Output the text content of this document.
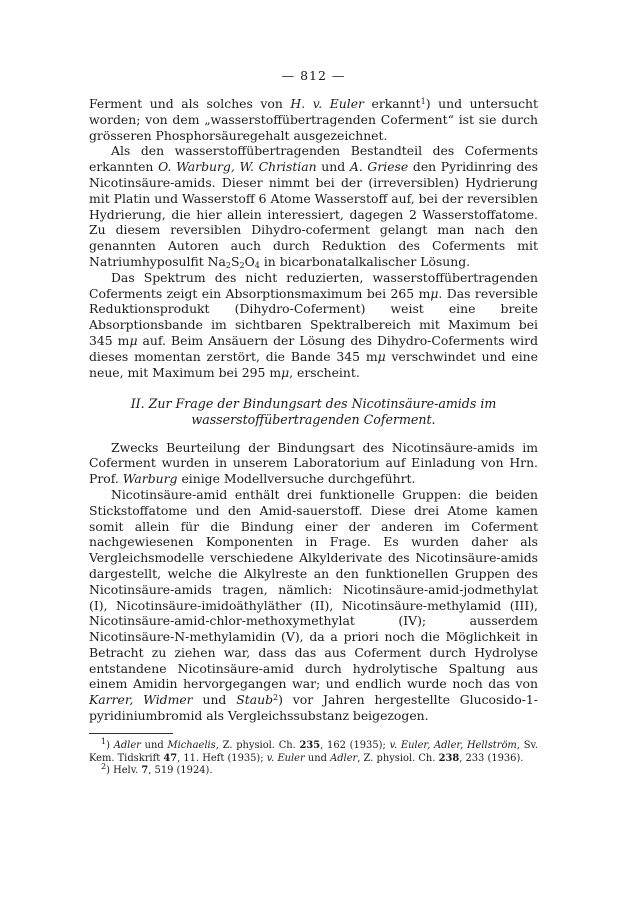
— 812 —

Ferment und als solches von H. v. Euler erkannt$^1$) und untersucht worden; von dem „wasserstoffübertragenden Coferment“ ist sie durch grösseren Phosphorsäuregehalt ausgezeichnet.

Als den wasserstoffübertragenden Bestandteil des Coferments erkannten O. Warburg, W. Christian und A. Griese den Pyridinring des Nicotinsäure-amids. Dieser nimmt bei der (irreversiblen) Hydrierung mit Platin und Wasserstoff 6 Atome Wasserstoff auf, bei der reversiblen Hydrierung, die hier allein interessiert, dagegen 2 Wasserstoffatome. Zu diesem reversiblen Dihydro-coferment gelangt man nach den genannten Autoren auch durch Reduktion des Coferments mit Natriumhyposulfit $Na_2S_2O_4$ in bicarbonatalkalischer Lösung.

Das Spektrum des nicht reduzierten, wasserstoffübertragenden Coferments zeigt ein Absorptionsmaximum bei 265 mμ. Das reversible Reduktionsprodukt (Dihydro-Coferment) weist eine breite Absorptionsbande im sichtbaren Spektralbereich mit Maximum bei 345 mμ auf. Beim Ansäuern der Lösung des Dihydro-Coferments wird dieses momentan zerstört, die Bande 345 mμ verschwindet und eine neue, mit Maximum bei 295 mμ, erscheint.

II. Zur Frage der Bindungsart des Nicotinsäure-amids im wasserstoffübertragenden Coferment.

Zwecks Beurteilung der Bindungsart des Nicotinsäure-amids im Coferment wurden in unserem Laboratorium auf Einladung von Hrn. Prof. Warburg einige Modellversuche durchgeführt.

Nicotinsäure-amid enthält drei funktionelle Gruppen: die beiden Stickstoffatome und den Amid-sauerstoff. Diese drei Atome kamen somit allein für die Bindung einer der anderen im Coferment nachgewiesenen Komponenten in Frage. Es wurden daher als Vergleichsmodelle verschiedene Alkylderivate des Nicotinsäure-amids dargestellt, welche die Alkylreste an den funktionellen Gruppen des Nicotinsäure-amids tragen, nämlich: Nicotinsäure-amid-jodmethylat (I), Nicotinsäure-imidoäthyläther (II), Nicotinsäure-methylamid (III), Nicotinsäure-amid-chlor-methoxymethylat (IV); ausserdem Nicotinsäure-N-methylamidin (V), da a priori noch die Möglichkeit in Betracht zu ziehen war, dass das aus Coferment durch Hydrolyse entstandene Nicotinsäure-amid durch hydrolytische Spaltung aus einem Amidin hervorgegangen war; und endlich wurde noch das von Karrer, Widmer und Staub$^2$) vor Jahren hergestellte Glucosido-1-pyridiniumbromid als Vergleichssubstanz beigezogen.

$^1$) Adler und Michaelis, Z. physiol. Ch. 235, 162 (1935); v. Euler, Adler, Hellström, Sv. Kem. Tidskrift 47, 11. Heft (1935); v. Euler und Adler, Z. physiol. Ch. 238, 233 (1936).

$^2$) Helv. 7, 519 (1924).
